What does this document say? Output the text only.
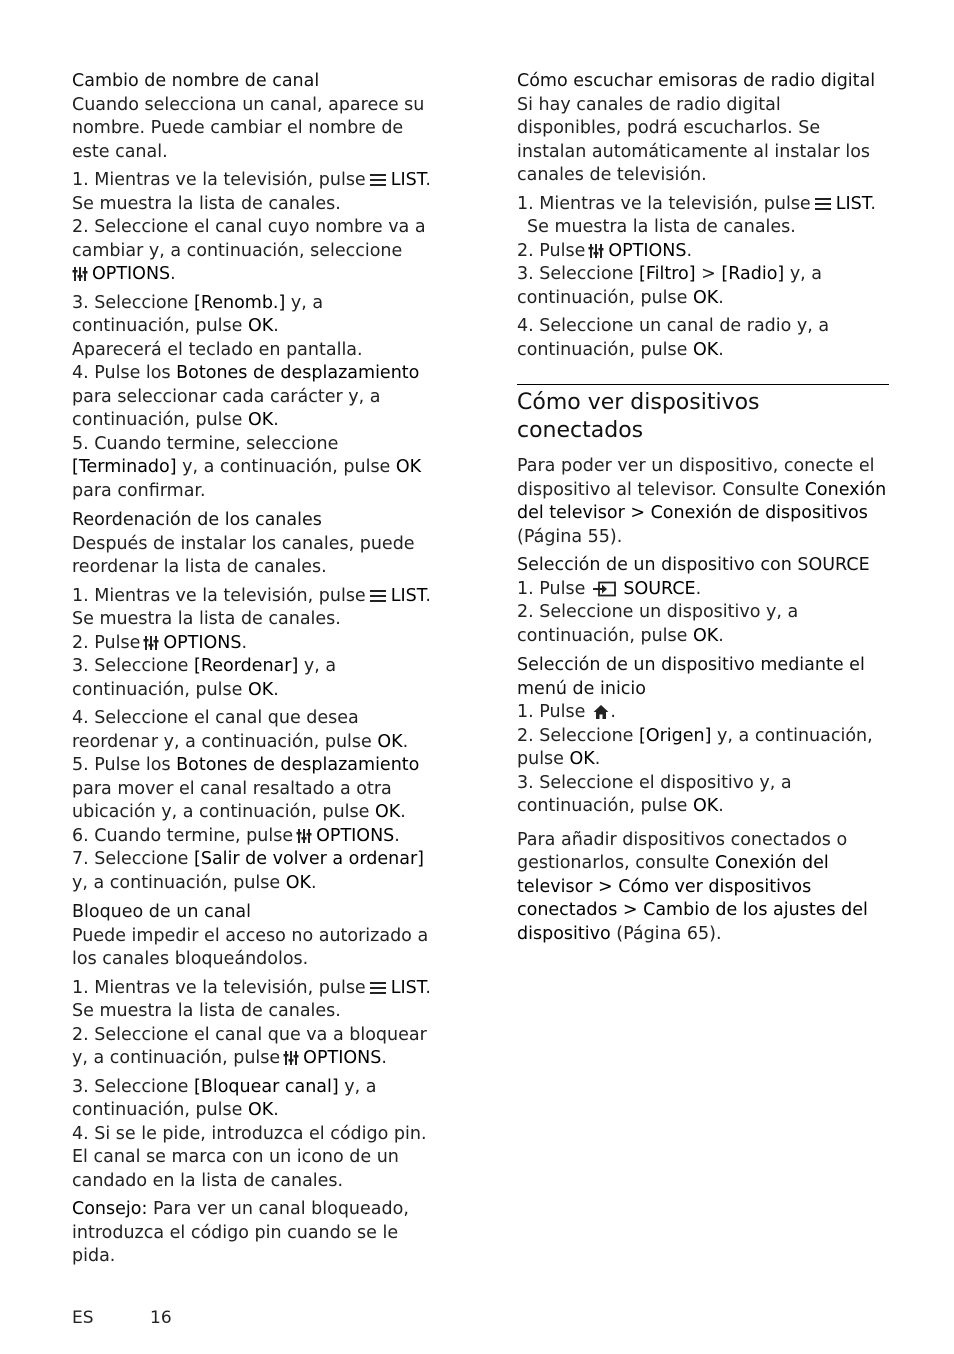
Cambio de nombre de canal

Cuando selecciona un canal, aparece su nombre. Puede cambiar el nombre de este canal.

1. Mientras ve la televisión, pulse LIST.
Se muestra la lista de canales.
2. Seleccione el canal cuyo nombre va a cambiar y, a continuación, seleccione

OPTIONS.

3. Seleccione [Renomb.] y, a continuación, pulse OK.
Aparecerá el teclado en pantalla.
4. Pulse los Botones de desplazamiento para seleccionar cada carácter y, a continuación, pulse OK.
5. Cuando termine, seleccione [Terminado] y, a continuación, pulse OK para confirmar.

Reordenación de los canales

Después de instalar los canales, puede reordenar la lista de canales.

1. Mientras ve la televisión, pulse LIST.
Se muestra la lista de canales.
2. Pulse OPTIONS.
3. Seleccione [Reordenar] y, a continuación, pulse OK.

4. Seleccione el canal que desea reordenar y, a continuación, pulse OK.
5. Pulse los Botones de desplazamiento para mover el canal resaltado a otra ubicación y, a continuación, pulse OK.
6. Cuando termine, pulse OPTIONS.
7. Seleccione [Salir de volver a ordenar] y, a continuación, pulse OK.

Bloqueo de un canal

Puede impedir el acceso no autorizado a los canales bloqueándolos.

1. Mientras ve la televisión, pulse LIST.
Se muestra la lista de canales.
2. Seleccione el canal que va a bloquear y, a continuación, pulse OPTIONS.

3. Seleccione [Bloquear canal] y, a continuación, pulse OK.
4. Si se le pide, introduzca el código pin.
El canal se marca con un icono de un candado en la lista de canales.

Consejo: Para ver un canal bloqueado, introduzca el código pin cuando se le pida.

Cómo escuchar emisoras de radio digital

Si hay canales de radio digital disponibles, podrá escucharlos. Se instalan automáticamente al instalar los canales de televisión.

1. Mientras ve la televisión, pulse LIST.
Se muestra la lista de canales.
2. Pulse OPTIONS.
3. Seleccione [Filtro] > [Radio] y, a continuación, pulse OK.

4. Seleccione un canal de radio y, a continuación, pulse OK.

Cómo ver dispositivos conectados

Para poder ver un dispositivo, conecte el dispositivo al televisor. Consulte Conexión del televisor > Conexión de dispositivos
(Página 55).

Selección de un dispositivo con SOURCE

1. Pulse SOURCE.
2. Seleccione un dispositivo y, a continuación, pulse OK.

Selección de un dispositivo mediante el menú de inicio

1. Pulse .
2. Seleccione [Origen] y, a continuación, pulse OK.
3. Seleccione el dispositivo y, a continuación, pulse OK.

Para añadir dispositivos conectados o gestionarlos, consulte Conexión del televisor > Cómo ver dispositivos conectados > Cambio de los ajustes del dispositivo (Página 65).

ES	16
